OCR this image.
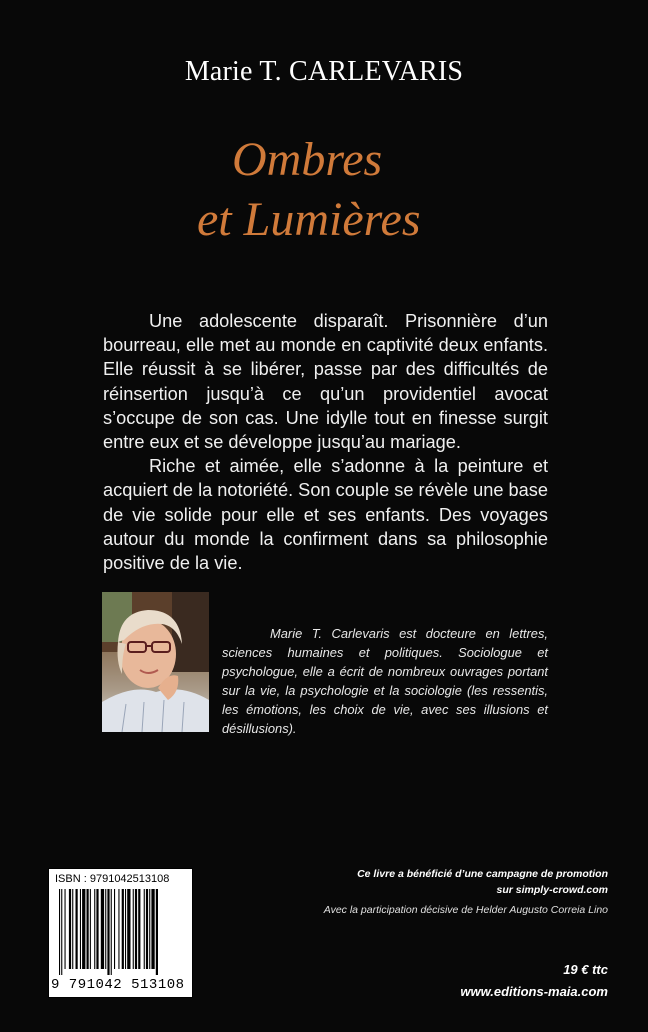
Marie T. CARLEVARIS
Ombres
et Lumières

Une adolescente disparaît. Prisonnière d’un bourreau, elle met au monde en captivité deux enfants. Elle réussit à se libérer, passe par des difficultés de réinsertion jusqu’à ce qu’un providentiel avocat s’occupe de son cas. Une idylle tout en finesse surgit entre eux et se développe jusqu’au mariage.

Riche et aimée, elle s’adonne à la peinture et acquiert de la notoriété. Son couple se révèle une base de vie solide pour elle et ses enfants. Des voyages autour du monde la confirment dans sa philosophie positive de la vie.

Marie T. Carlevaris est docteure en lettres, sciences humaines et politiques. Sociologue et psychologue, elle a écrit de nombreux ouvrages portant sur la vie, la psychologie et la sociologie (les ressentis, les émotions, les choix de vie, avec ses illusions et désillusions).

ISBN : 9791042513108
9 791042 513108
Ce livre a bénéficié d’une campagne de promotion
sur simply-crowd.com
Avec la participation décisive de Helder Augusto Correia Lino
19 € ttc
www.editions-maia.com
